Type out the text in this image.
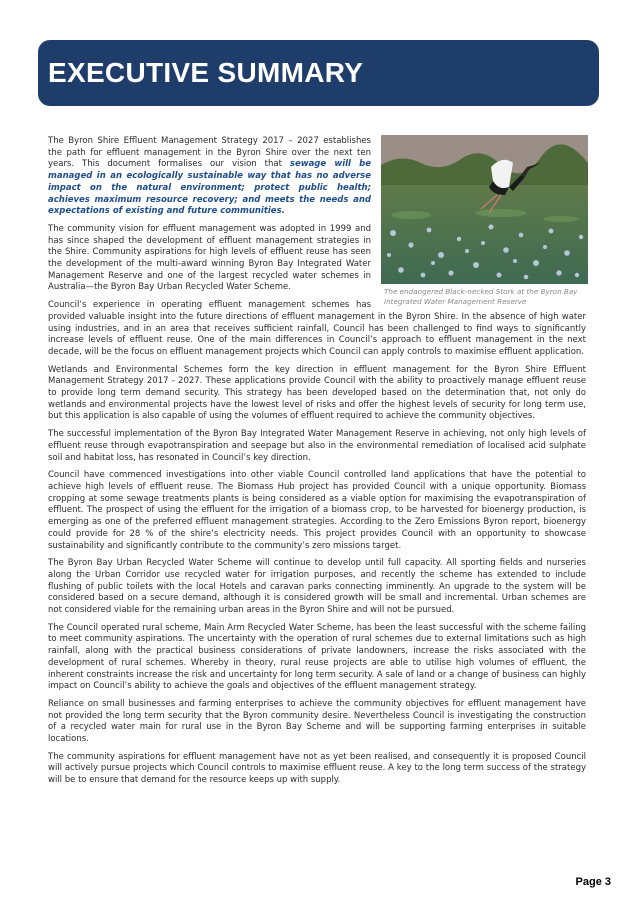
EXECUTIVE SUMMARY
The endangered Black-necked Stork at the Byron Bay Integrated Water Management Reserve

The Byron Shire Effluent Management Strategy 2017 – 2027 establishes the path for effluent management in the Byron Shire over the next ten years. This document formalises our vision that sewage will be managed in an ecologically sustainable way that has no adverse impact on the natural environment; protect public health; achieves maximum resource recovery; and meets the needs and expectations of existing and future communities.

The community vision for effluent management was adopted in 1999 and has since shaped the development of effluent management strategies in the Shire. Community aspirations for high levels of effluent reuse has seen the development of the multi-award winning Byron Bay Integrated Water Management Reserve and one of the largest recycled water schemes in Australia—the Byron Bay Urban Recycled Water Scheme.

Council’s experience in operating effluent management schemes has provided valuable insight into the future directions of effluent management in the Byron Shire. In the absence of high water using industries, and in an area that receives sufficient rainfall, Council has been challenged to find ways to significantly increase levels of effluent reuse. One of the main differences in Council’s approach to effluent management in the next decade, will be the focus on effluent management projects which Council can apply controls to maximise effluent application.

Wetlands and Environmental Schemes form the key direction in effluent management for the Byron Shire Effluent Management Strategy 2017 - 2027. These applications provide Council with the ability to proactively manage effluent reuse to provide long term demand security. This strategy has been developed based on the determination that, not only do wetlands and environmental projects have the lowest level of risks and offer the highest levels of security for long term use, but this application is also capable of using the volumes of effluent required to achieve the community objectives.

The successful implementation of the Byron Bay Integrated Water Management Reserve in achieving, not only high levels of effluent reuse through evapotranspiration and seepage but also in the environmental remediation of localised acid sulphate soil and habitat loss, has resonated in Council’s key direction.

Council have commenced investigations into other viable Council controlled land applications that have the potential to achieve high levels of effluent reuse. The Biomass Hub project has provided Council with a unique opportunity. Biomass cropping at some sewage treatments plants is being considered as a viable option for maximising the evapotranspiration of effluent. The prospect of using the effluent for the irrigation of a biomass crop, to be harvested for bioenergy production, is emerging as one of the preferred effluent management strategies. According to the Zero Emissions Byron report, bioenergy could provide for 28 % of the shire’s electricity needs. This project provides Council with an opportunity to showcase sustainability and significantly contribute to the community’s zero missions target.

The Byron Bay Urban Recycled Water Scheme will continue to develop until full capacity. All sporting fields and nurseries along the Urban Corridor use recycled water for irrigation purposes, and recently the scheme has extended to include flushing of public toilets with the local Hotels and caravan parks connecting imminently. An upgrade to the system will be considered based on a secure demand, although it is considered growth will be small and incremental. Urban schemes are not considered viable for the remaining urban areas in the Byron Shire and will not be pursued.

The Council operated rural scheme, Main Arm Recycled Water Scheme, has been the least successful with the scheme failing to meet community aspirations. The uncertainty with the operation of rural schemes due to external limitations such as high rainfall, along with the practical business considerations of private landowners, increase the risks associated with the development of rural schemes. Whereby in theory, rural reuse projects are able to utilise high volumes of effluent, the inherent constraints increase the risk and uncertainty for long term security. A sale of land or a change of business can highly impact on Council’s ability to achieve the goals and objectives of the effluent management strategy.

Reliance on small businesses and farming enterprises to achieve the community objectives for effluent management have not provided the long term security that the Byron community desire. Nevertheless Council is investigating the construction of a recycled water main for rural use in the Byron Bay Scheme and will be supporting farming enterprises in suitable locations.

The community aspirations for effluent management have not as yet been realised, and consequently it is proposed Council will actively pursue projects which Council controls to maximise effluent reuse. A key to the long term success of the strategy will be to ensure that demand for the resource keeps up with supply.

Page 3
